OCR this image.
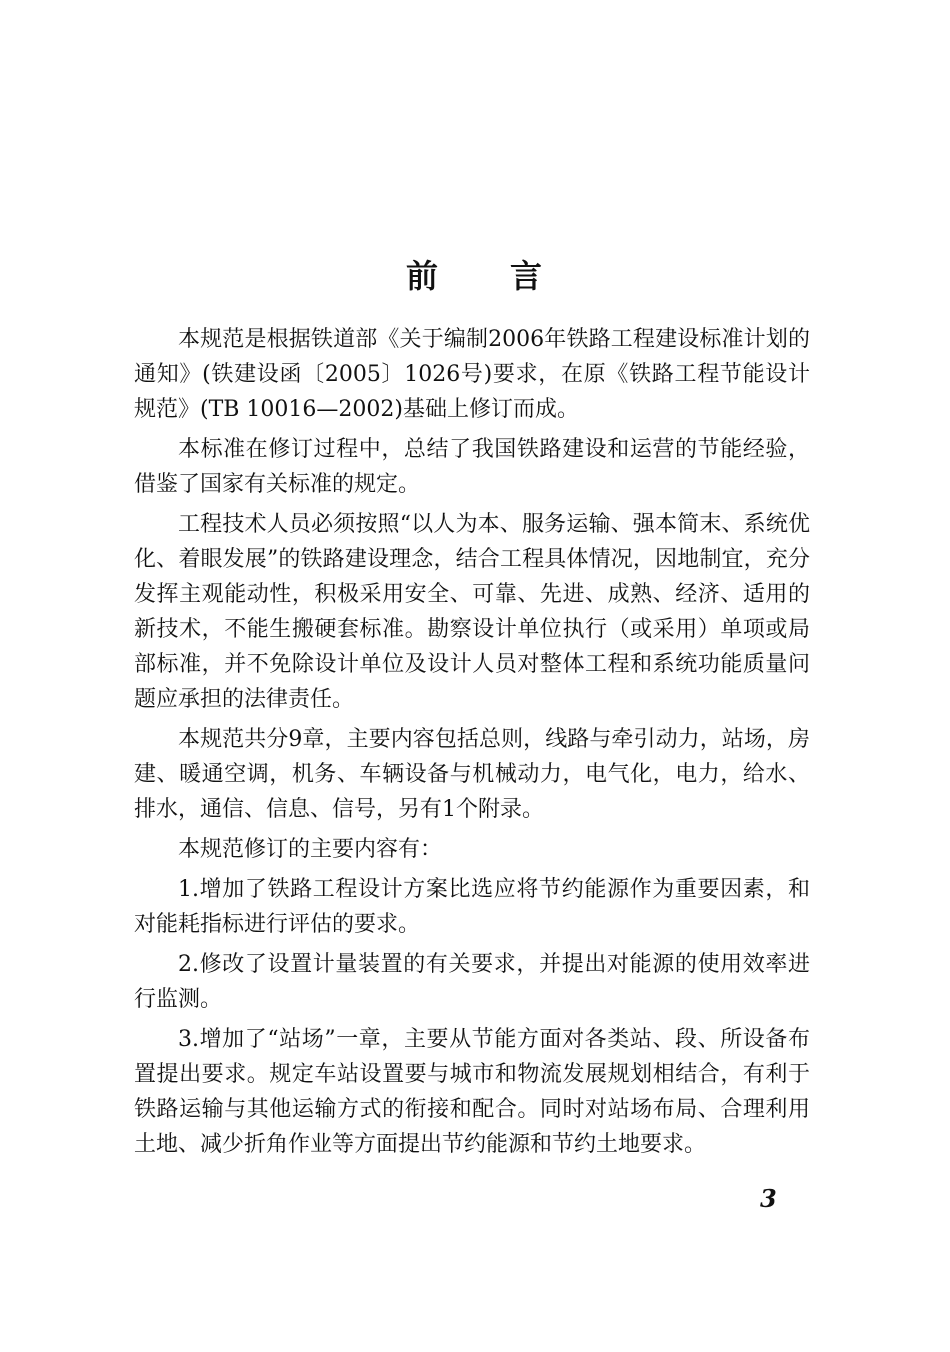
前 言

本规范是根据铁道部《关于编制2006年铁路工程建设标准计划的通知》(铁建设函〔2005〕1026号)要求，在原《铁路工程节能设计规范》(TB 10016—2002)基础上修订而成。

本标准在修订过程中，总结了我国铁路建设和运营的节能经验，借鉴了国家有关标准的规定。

工程技术人员必须按照“以人为本、服务运输、强本简末、系统优化、着眼发展”的铁路建设理念，结合工程具体情况，因地制宜，充分发挥主观能动性，积极采用安全、可靠、先进、成熟、经济、适用的新技术，不能生搬硬套标准。勘察设计单位执行（或采用）单项或局部标准，并不免除设计单位及设计人员对整体工程和系统功能质量问题应承担的法律责任。

本规范共分9章，主要内容包括总则，线路与牵引动力，站场，房建、暖通空调，机务、车辆设备与机械动力，电气化，电力，给水、排水，通信、信息、信号，另有1个附录。

本规范修订的主要内容有：

1.增加了铁路工程设计方案比选应将节约能源作为重要因素，和对能耗指标进行评估的要求。

2.修改了设置计量装置的有关要求，并提出对能源的使用效率进行监测。

3.增加了“站场”一章，主要从节能方面对各类站、段、所设备布置提出要求。规定车站设置要与城市和物流发展规划相结合，有利于铁路运输与其他运输方式的衔接和配合。同时对站场布局、合理利用土地、减少折角作业等方面提出节约能源和节约土地要求。

3
